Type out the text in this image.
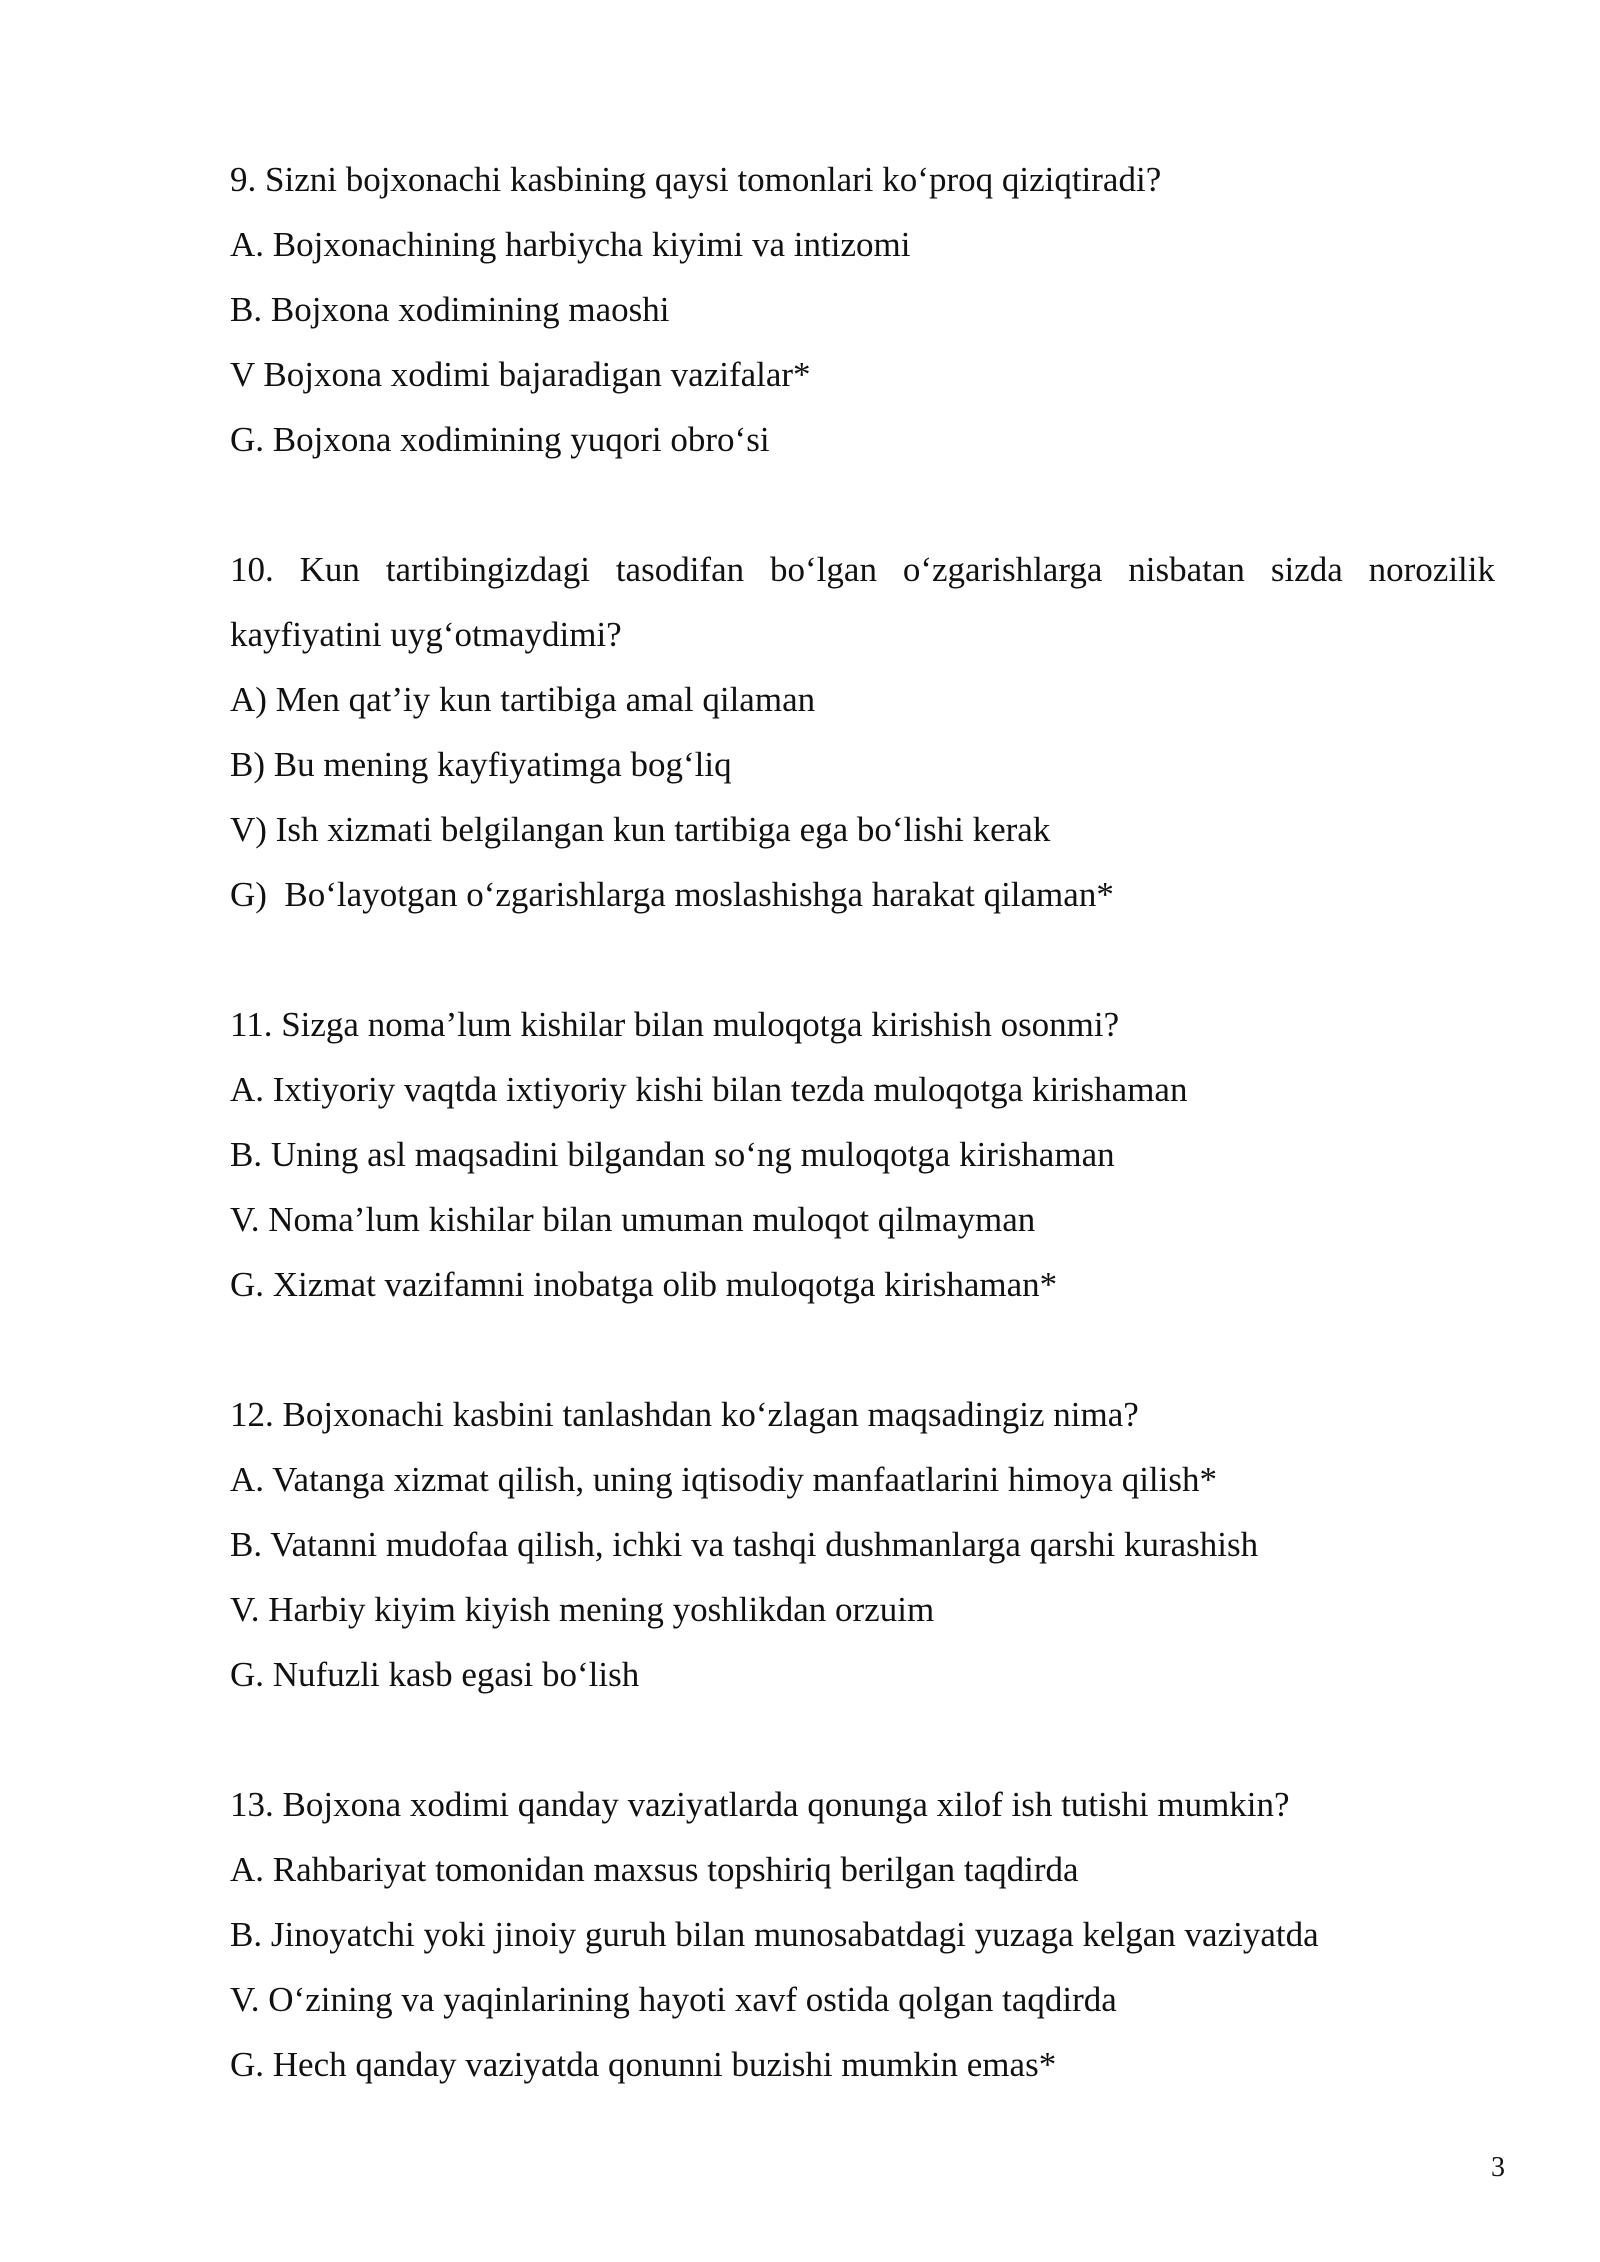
9. Sizni bojxonachi kasbining qaysi tomonlari ko‘proq qiziqtiradi?
A. Bojxonachining harbiycha kiyimi va intizomi
B. Bojxona xodimining maoshi
V Bojxona xodimi bajaradigan vazifalar*
G. Bojxona xodimining yuqori obro‘si
10. Kun tartibingizdagi tasodifan bo‘lgan o‘zgarishlarga nisbatan sizda norozilik kayfiyatini uyg‘otmaydimi?
A) Men qat’iy kun tartibiga amal qilaman
B) Bu mening kayfiyatimga bog‘liq
V) Ish xizmati belgilangan kun tartibiga ega bo‘lishi kerak
G)  Bo‘layotgan o‘zgarishlarga moslashishga harakat qilaman*
11. Sizga noma’lum kishilar bilan muloqotga kirishish osonmi?
A. Ixtiyoriy vaqtda ixtiyoriy kishi bilan tezda muloqotga kirishaman
B. Uning asl maqsadini bilgandan so‘ng muloqotga kirishaman
V. Noma’lum kishilar bilan umuman muloqot qilmayman
G. Xizmat vazifamni inobatga olib muloqotga kirishaman*
12. Bojxonachi kasbini tanlashdan ko‘zlagan maqsadingiz nima?
A. Vatanga xizmat qilish, uning iqtisodiy manfaatlarini himoya qilish*
B. Vatanni mudofaa qilish, ichki va tashqi dushmanlarga qarshi kurashish
V. Harbiy kiyim kiyish mening yoshlikdan orzuim
G. Nufuzli kasb egasi bo‘lish
13. Bojxona xodimi qanday vaziyatlarda qonunga xilof ish tutishi mumkin?
A. Rahbariyat tomonidan maxsus topshiriq berilgan taqdirda
B. Jinoyatchi yoki jinoiy guruh bilan munosabatdagi yuzaga kelgan vaziyatda
V. O‘zining va yaqinlarining hayoti xavf ostida qolgan taqdirda
G. Hech qanday vaziyatda qonunni buzishi mumkin emas*
3
